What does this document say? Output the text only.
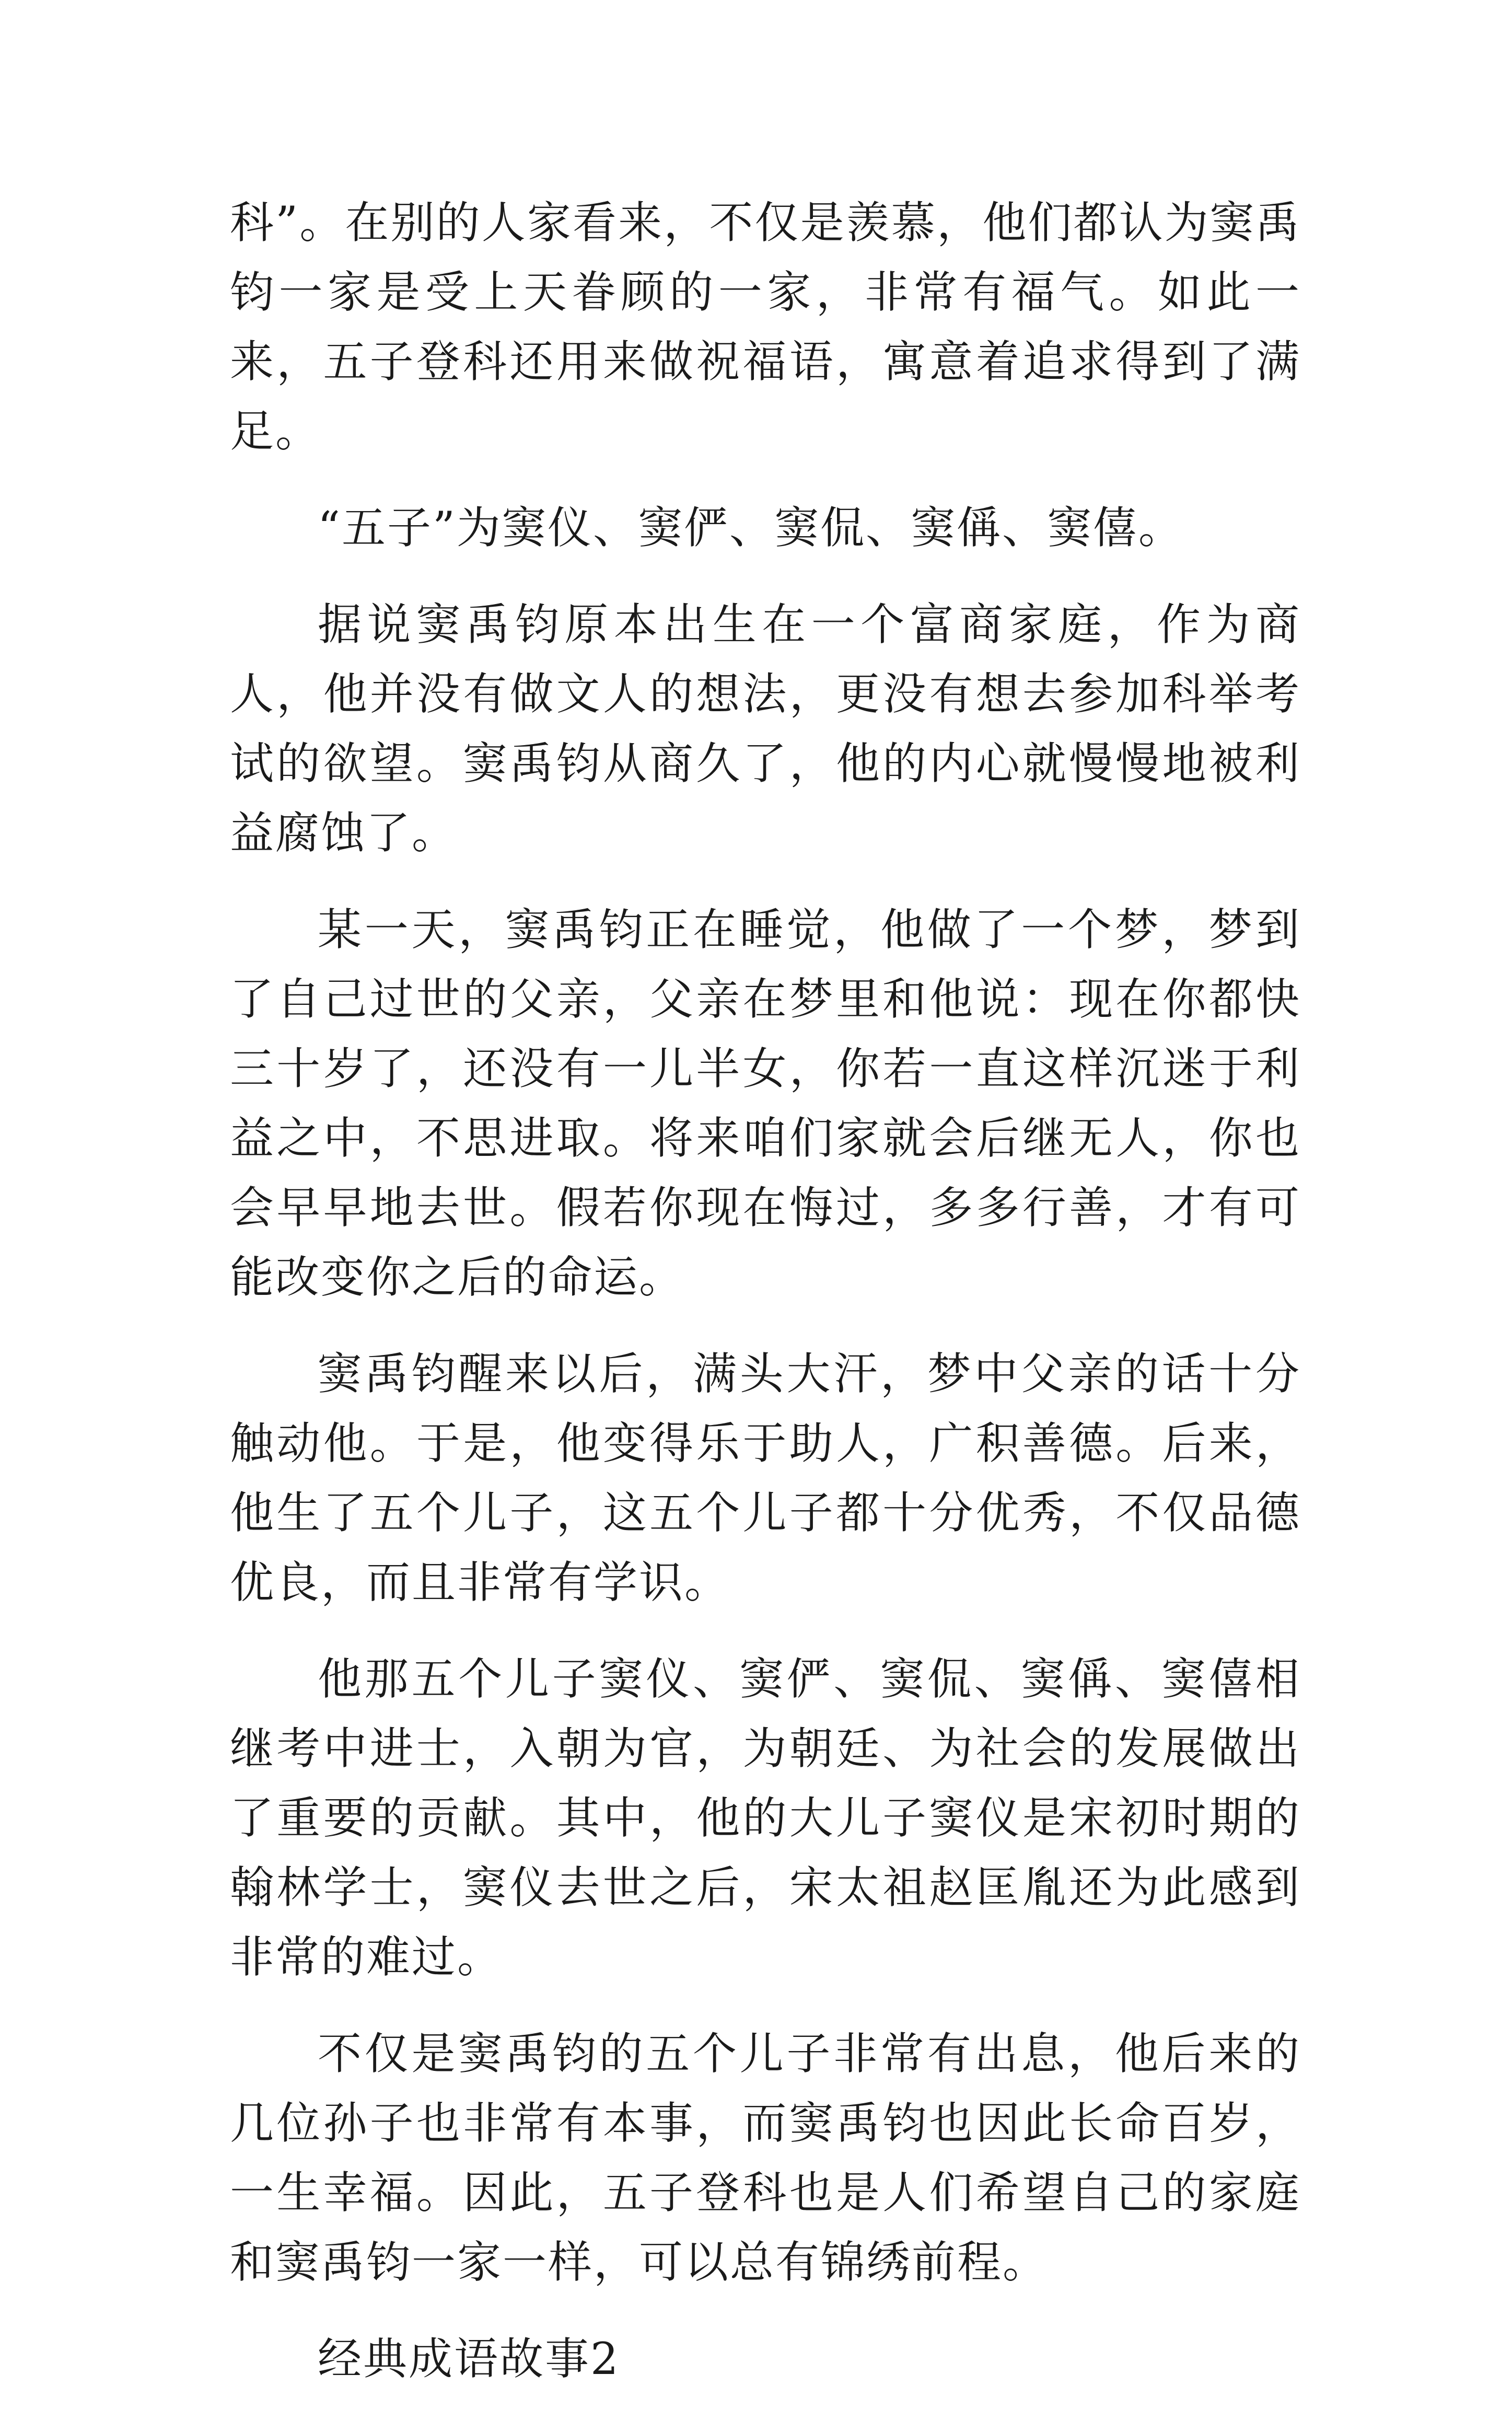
科”。在别的人家看来，不仅是羡慕，他们都认为窦禹钧一家是受上天眷顾的一家，非常有福气。如此一来，五子登科还用来做祝福语，寓意着追求得到了满足。

“五子”为窦仪、窦俨、窦侃、窦偁、窦僖。

据说窦禹钧原本出生在一个富商家庭，作为商人，他并没有做文人的想法，更没有想去参加科举考试的欲望。窦禹钧从商久了，他的内心就慢慢地被利益腐蚀了。

某一天，窦禹钧正在睡觉，他做了一个梦，梦到了自己过世的父亲，父亲在梦里和他说：现在你都快三十岁了，还没有一儿半女，你若一直这样沉迷于利益之中，不思进取。将来咱们家就会后继无人，你也会早早地去世。假若你现在悔过，多多行善，才有可能改变你之后的命运。

窦禹钧醒来以后，满头大汗，梦中父亲的话十分触动他。于是，他变得乐于助人，广积善德。后来，他生了五个儿子，这五个儿子都十分优秀，不仅品德优良，而且非常有学识。

他那五个儿子窦仪、窦俨、窦侃、窦偁、窦僖相继考中进士，入朝为官，为朝廷、为社会的发展做出了重要的贡献。其中，他的大儿子窦仪是宋初时期的翰林学士，窦仪去世之后，宋太祖赵匡胤还为此感到非常的难过。

不仅是窦禹钧的五个儿子非常有出息，他后来的几位孙子也非常有本事，而窦禹钧也因此长命百岁，一生幸福。因此，五子登科也是人们希望自己的家庭和窦禹钧一家一样，可以总有锦绣前程。

经典成语故事2
